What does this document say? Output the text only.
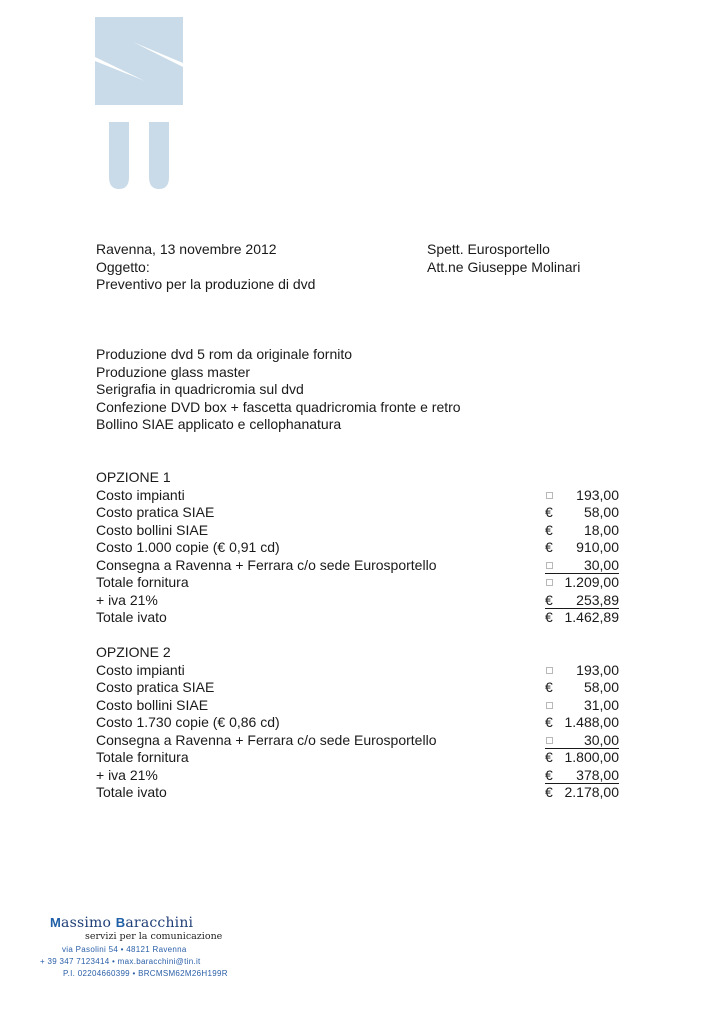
Ravenna, 13 novembre 2012
Oggetto:
Preventivo per la produzione di dvd
Spett. Eurosportello
Att.ne Giuseppe Molinari
Produzione dvd 5 rom da originale fornito
Produzione glass master
Serigrafia in quadricromia sul dvd
Confezione DVD box + fascetta quadricromia fronte e retro
Bollino SIAE applicato e cellophanatura
OPZIONE 1
Costo impianti	193,00
Costo pratica SIAE	€	58,00
Costo bollini SIAE	€	18,00
Costo 1.000 copie (€ 0,91 cd)	€	910,00
Consegna a Ravenna + Ferrara c/o sede Eurosportello	30,00
Totale fornitura	1.209,00
+ iva 21%	€	253,89
Totale ivato	€ 1.462,89
OPZIONE 2
Costo impianti	193,00
Costo pratica SIAE	€	58,00
Costo bollini SIAE	31,00
Costo 1.730 copie (€ 0,86 cd)	€ 1.488,00
Consegna a Ravenna + Ferrara c/o sede Eurosportello	30,00
Totale fornitura	€ 1.800,00
+ iva 21%	€	378,00
Totale ivato	€ 2.178,00
Massimo Baracchini
servizi per la comunicazione
via Pasolini 54 • 48121 Ravenna
+ 39 347 7123414 • max.baracchini@tin.it
P.I. 02204660399 • BRCMSM62M26H199R
